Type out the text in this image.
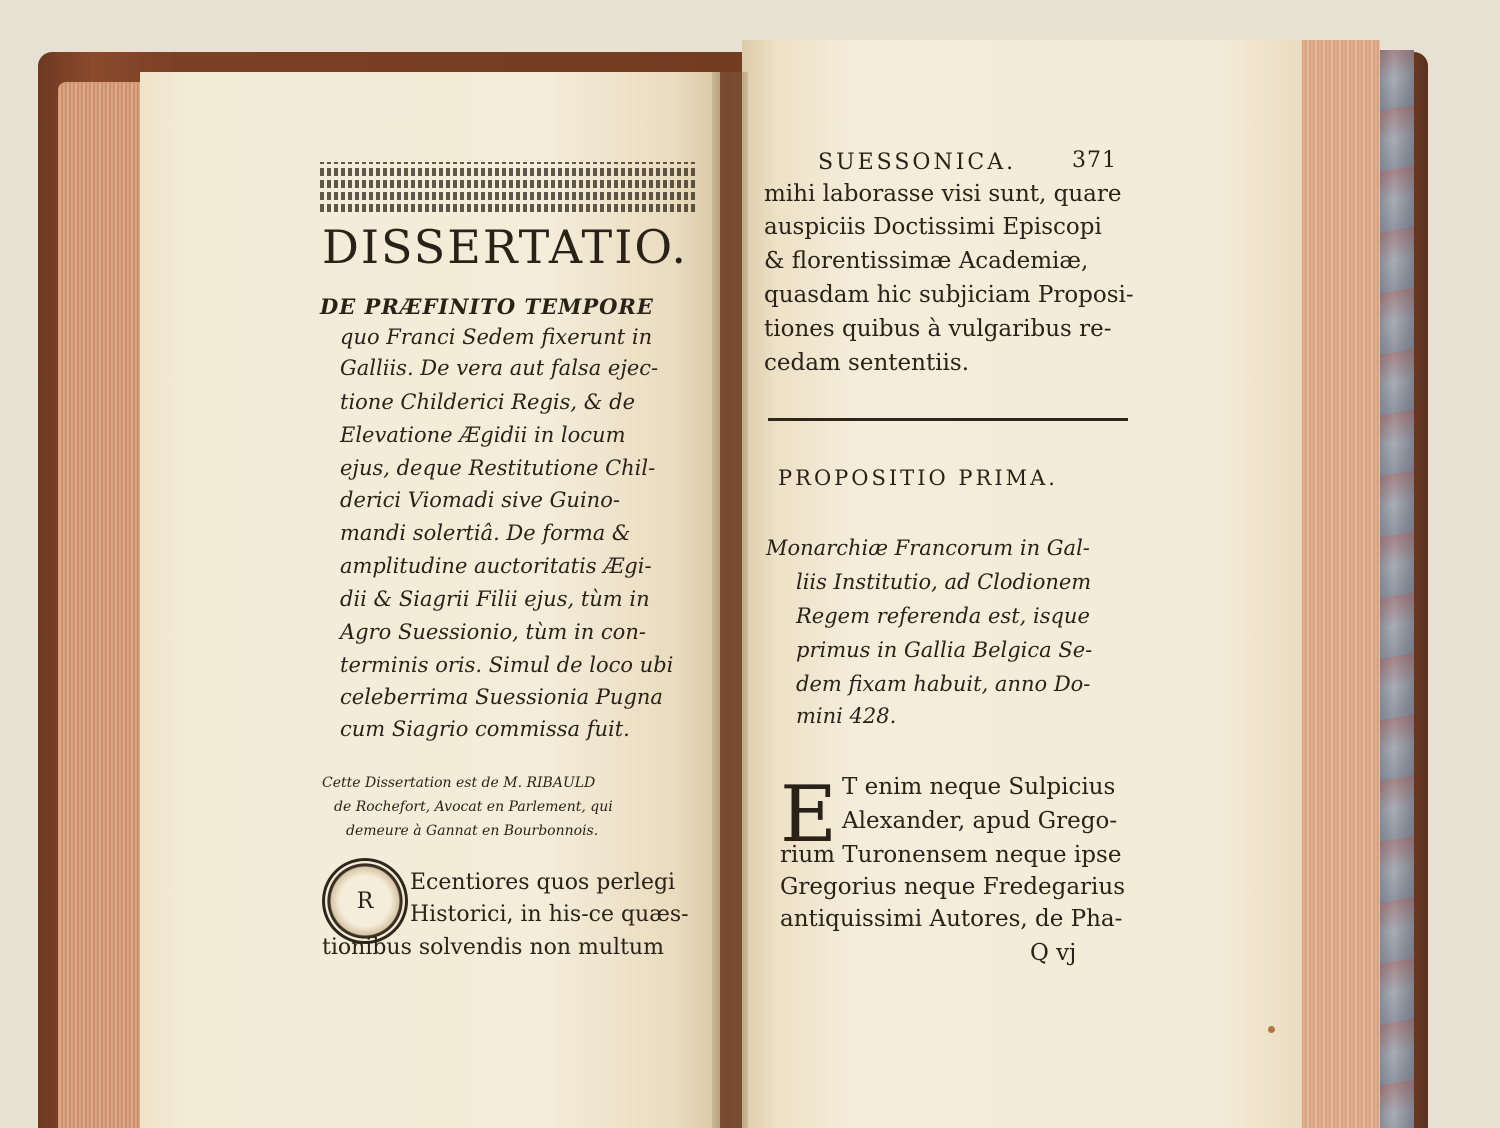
DISSERTATIO.
DE PRÆFINITO TEMPORE
quo Franci Sedem fixerunt in
Galliis. De vera aut falsa ejec-
tione Childerici Regis, & de
Elevatione Ægidii in locum
ejus, deque Restitutione Chil-
derici Viomadi sive Guino-
mandi solertiâ. De forma &
amplitudine auctoritatis Ægi-
dii & Siagrii Filii ejus, tùm in
Agro Suessionio, tùm in con-
terminis oris. Simul de loco ubi
celeberrima Suessionia Pugna
cum Siagrio commissa fuit.
Cette Dissertation est de M. RIBAULD
de Rochefort, Avocat en Parlement, qui
demeure à Gannat en Bourbonnois.
R
Ecentiores quos perlegi
Historici, in his-ce quæs-
tionibus solvendis non multum
SUESSONICA.	371
mihi laborasse visi sunt, quare
auspiciis Doctissimi Episcopi
& florentissimæ Academiæ,
quasdam hic subjiciam Proposi-
tiones quibus à vulgaribus re-
cedam sententiis.
PROPOSITIO PRIMA.
Monarchiæ Francorum in Gal-
liis Institutio, ad Clodionem
Regem referenda est, isque
primus in Gallia Belgica Se-
dem fixam habuit, anno Do-
mini 428.
E T enim neque Sulpicius
Alexander, apud Grego-
rium Turonensem neque ipse
Gregorius neque Fredegarius
antiquissimi Autores, de Pha-
Q vj
